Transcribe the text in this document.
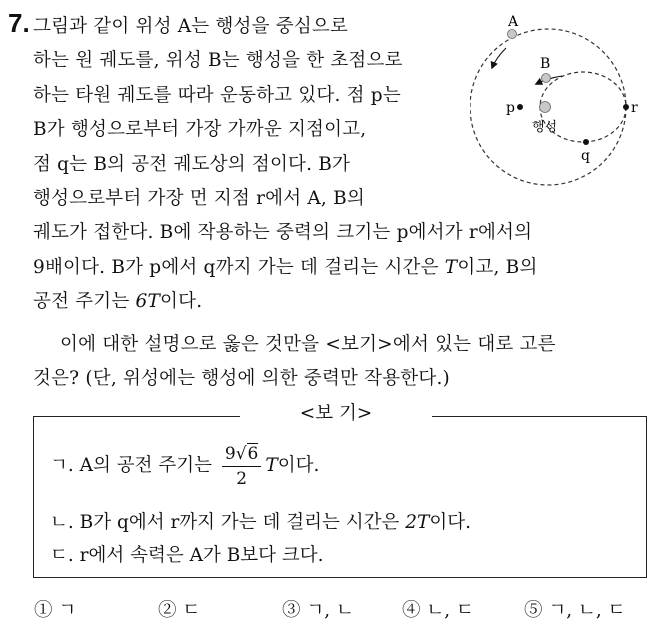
7. 그림과 같이 위성 A는 행성을 중심으로
하는 원 궤도를, 위성 B는 행성을 한 초점으로
하는 타원 궤도를 따라 운동하고 있다. 점 p는
B가 행성으로부터 가장 가까운 지점이고,
점 q는 B의 공전 궤도상의 점이다. B가
행성으로부터 가장 먼 지점 r에서 A, B의
궤도가 접한다. B에 작용하는 중력의 크기는 p에서가 r에서의
9배이다. B가 p에서 q까지 가는 데 걸리는 시간은 T이고, B의
공전 주기는 6T이다.
이에 대한 설명으로 옳은 것만을 <보기>에서 있는 대로 고른
것은? (단, 위성에는 행성에 의한 중력만 작용한다.)
A
B
p	r
q
행성
<보 기>
ㄱ. A의 공전 주기는 $\frac{9√6}{2}$ T이다.
ㄴ. B가 q에서 r까지 가는 데 걸리는 시간은 2T이다.
ㄷ. r에서 속력은 A가 B보다 크다.
① ㄱ	② ㄷ	③ ㄱ, ㄴ	④ ㄴ, ㄷ	⑤ ㄱ, ㄴ, ㄷ
